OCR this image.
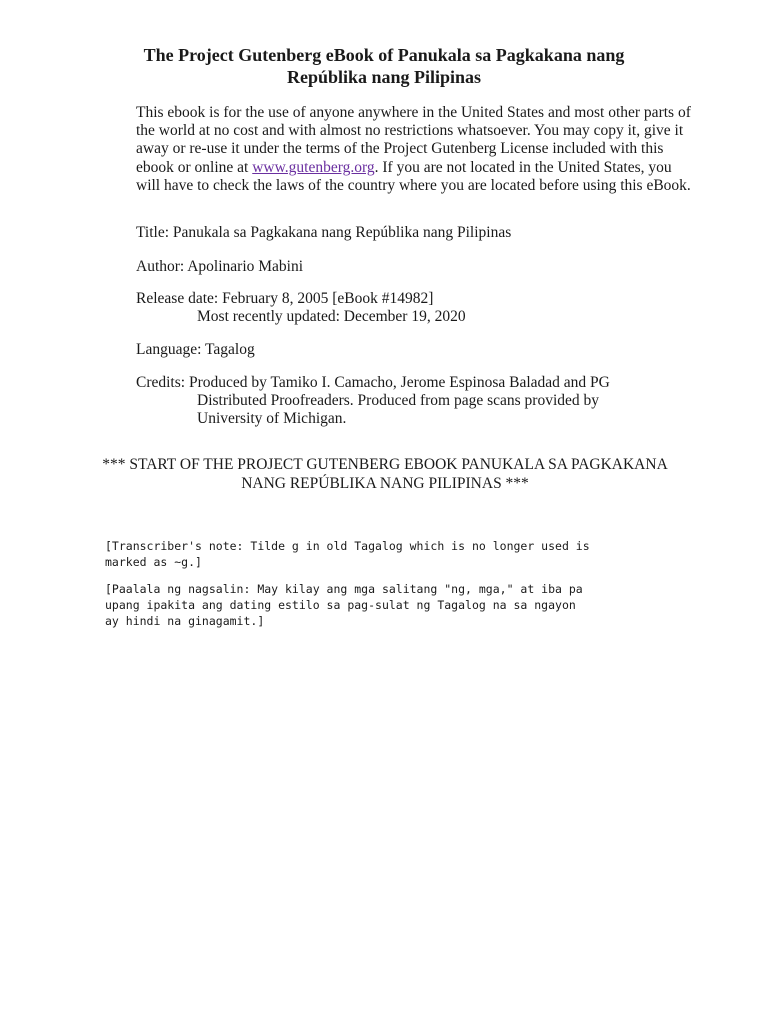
The Project Gutenberg eBook of Panukala sa Pagkakana nang
Repúblika nang Pilipinas

This ebook is for the use of anyone anywhere in the United States and most other parts of the world at no cost and with almost no restrictions whatsoever. You may copy it, give it away or re-use it under the terms of the Project Gutenberg License included with this ebook or online at www.gutenberg.org. If you are not located in the United States, you will have to check the laws of the country where you are located before using this eBook.

Title: Panukala sa Pagkakana nang Repúblika nang Pilipinas

Author: Apolinario Mabini

Release date: February 8, 2005 [eBook #14982]
Most recently updated: December 19, 2020

Language: Tagalog

Credits: Produced by Tamiko I. Camacho, Jerome Espinosa Baladad and PG
Distributed Proofreaders. Produced from page scans provided by
University of Michigan.

*** START OF THE PROJECT GUTENBERG EBOOK PANUKALA SA PAGKAKANA
NANG REPÚBLIKA NANG PILIPINAS ***
[Transcriber's note: Tilde g in old Tagalog which is no longer used is
marked as ~g.]
[Paalala ng nagsalin: May kilay ang mga salitang "ng, mga," at iba pa
upang ipakita ang dating estilo sa pag-sulat ng Tagalog na sa ngayon
ay hindi na ginagamit.]
